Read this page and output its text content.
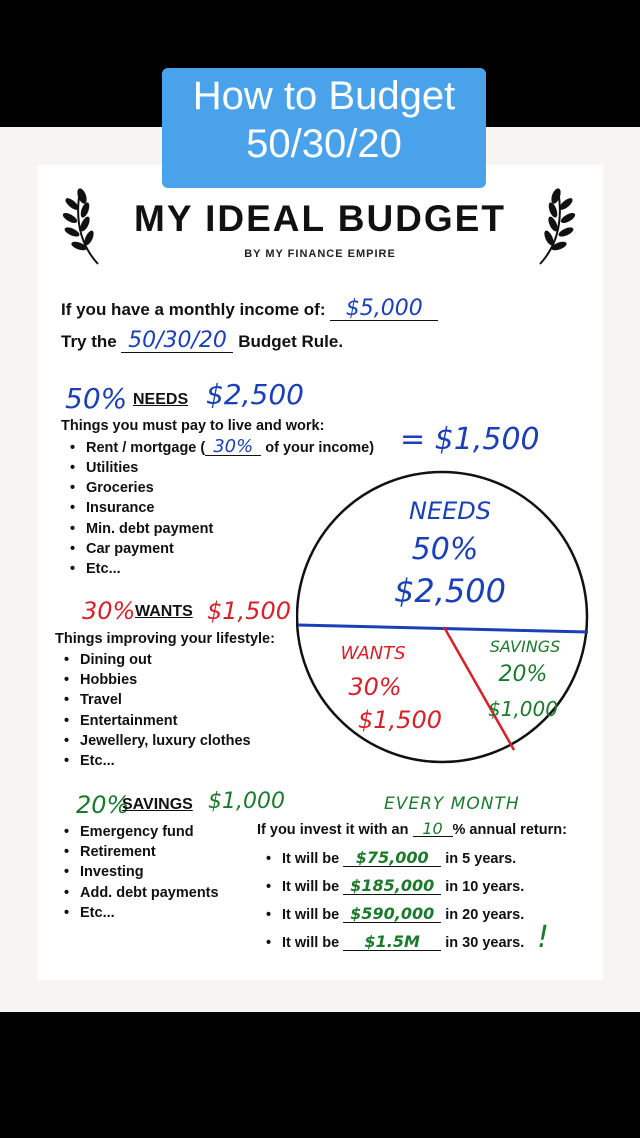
MY IDEAL BUDGET
BY MY FINANCE EMPIRE
If you have a monthly income of: $5,000
Try the 50/30/20 Budget Rule.
50% NEEDS $2,500
Things you must pay to live and work:
• Rent / mortgage ( 30% of your income) = $1,500
• Utilities
• Groceries
• Insurance
• Min. debt payment
• Car payment
• Etc...
30% WANTS $1,500
Things improving your lifestyle:
• Dining out
• Hobbies
• Travel
• Entertainment
• Jewellery, luxury clothes
• Etc...
20%
SAVINGS $1,000
• Emergency fund
• Retirement
• Investing
• Add. debt payments
• Etc...
NEEDS
50%
$2,500
WANTS
30%
$1,500
SAVINGS
20%
$1,000
EVERY MONTH
If you invest it with an 10 % annual return:
• It will be $75,000 in 5 years.
• It will be $185,000 in 10 years.
• It will be $590,000 in 20 years.
• It will be $1.5M in 30 years. !
How to Budget
50/30/20
